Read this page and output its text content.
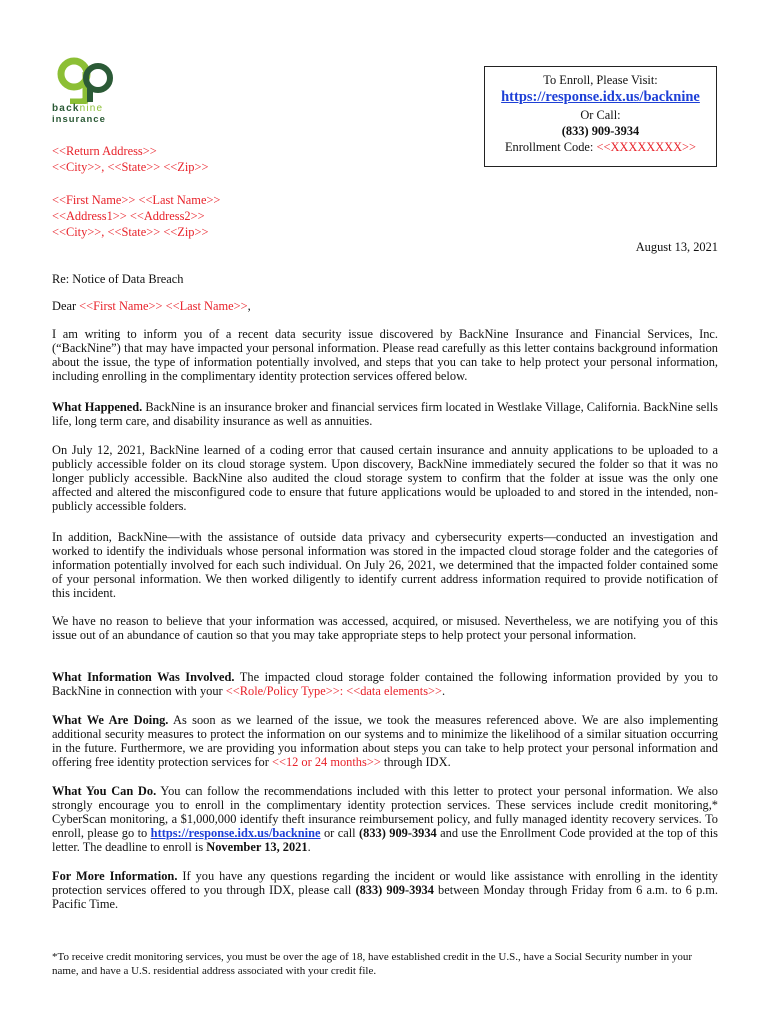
backnine
insurance
To Enroll, Please Visit:
https://response.idx.us/backnine
Or Call:
(833) 909-3934
Enrollment Code: <<XXXXXXXX>>
<<Return Address>>
<<City>>, <<State>> <<Zip>>
<<First Name>> <<Last Name>>
<<Address1>> <<Address2>>
<<City>>, <<State>> <<Zip>>
August 13, 2021
Re: Notice of Data Breach
Dear <<First Name>> <<Last Name>>,
I am writing to inform you of a recent data security issue discovered by BackNine Insurance and Financial Services, Inc. (“BackNine”) that may have impacted your personal information. Please read carefully as this letter contains background information about the issue, the type of information potentially involved, and steps that you can take to help protect your personal information, including enrolling in the complimentary identity protection services offered below.
What Happened. BackNine is an insurance broker and financial services firm located in Westlake Village, California. BackNine sells life, long term care, and disability insurance as well as annuities.
On July 12, 2021, BackNine learned of a coding error that caused certain insurance and annuity applications to be uploaded to a publicly accessible folder on its cloud storage system. Upon discovery, BackNine immediately secured the folder so that it was no longer publicly accessible. BackNine also audited the cloud storage system to confirm that the folder at issue was the only one affected and altered the misconfigured code to ensure that future applications would be uploaded to and stored in the intended, non-publicly accessible folders.
In addition, BackNine—with the assistance of outside data privacy and cybersecurity experts—conducted an investigation and worked to identify the individuals whose personal information was stored in the impacted cloud storage folder and the categories of information potentially involved for each such individual. On July 26, 2021, we determined that the impacted folder contained some of your personal information. We then worked diligently to identify current address information required to provide notification of this incident.
We have no reason to believe that your information was accessed, acquired, or misused. Nevertheless, we are notifying you of this issue out of an abundance of caution so that you may take appropriate steps to help protect your personal information.
What Information Was Involved. The impacted cloud storage folder contained the following information provided by you to BackNine in connection with your <<Role/Policy Type>>: <<data elements>>.
What We Are Doing. As soon as we learned of the issue, we took the measures referenced above. We are also implementing additional security measures to protect the information on our systems and to minimize the likelihood of a similar situation occurring in the future. Furthermore, we are providing you information about steps you can take to help protect your personal information and offering free identity protection services for <<12 or 24 months>> through IDX.
What You Can Do. You can follow the recommendations included with this letter to protect your personal information. We also strongly encourage you to enroll in the complimentary identity protection services. These services include credit monitoring,* CyberScan monitoring, a $1,000,000 identify theft insurance reimbursement policy, and fully managed identity recovery services. To enroll, please go to https://response.idx.us/backnine or call (833) 909-3934 and use the Enrollment Code provided at the top of this letter. The deadline to enroll is November 13, 2021.
For More Information. If you have any questions regarding the incident or would like assistance with enrolling in the identity protection services offered to you through IDX, please call (833) 909-3934 between Monday through Friday from 6 a.m. to 6 p.m. Pacific Time.
*To receive credit monitoring services, you must be over the age of 18, have established credit in the U.S., have a Social Security number in your name, and have a U.S. residential address associated with your credit file.
